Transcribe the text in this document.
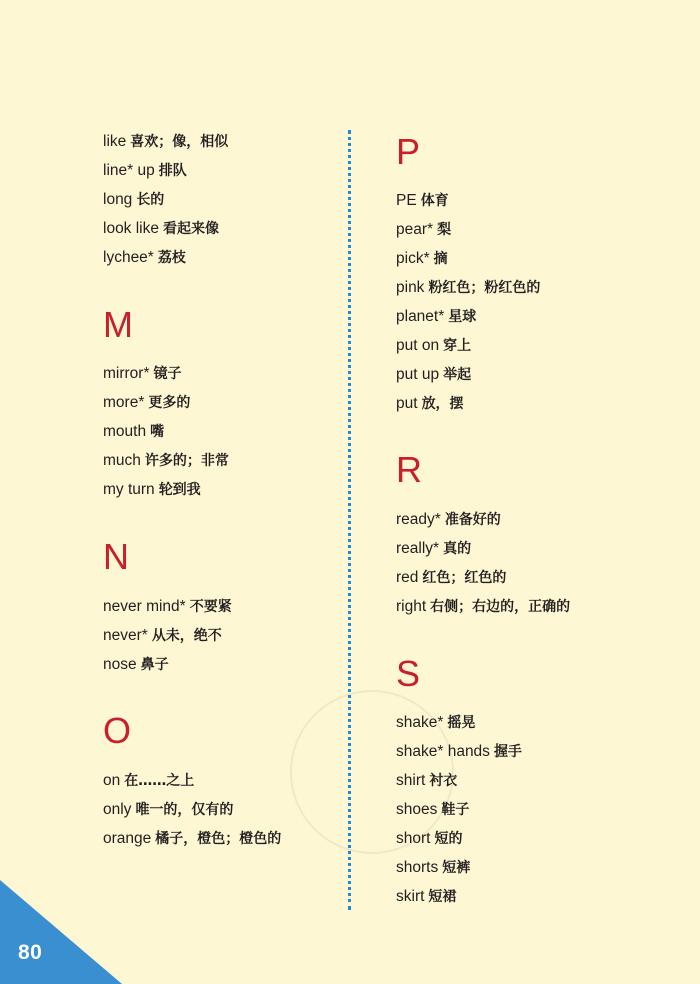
like 喜欢；像，相似
line* up 排队
long 长的
look like 看起来像
lychee* 荔枝
M
mirror* 镜子
more* 更多的
mouth 嘴
much 许多的；非常
my turn 轮到我
N
never mind* 不要紧
never* 从未，绝不
nose 鼻子
O
on 在……之上
only 唯一的，仅有的
orange 橘子，橙色；橙色的
P
PE 体育
pear* 梨
pick* 摘
pink 粉红色；粉红色的
planet* 星球
put on 穿上
put up 举起
put 放，摆
R
ready* 准备好的
really* 真的
red 红色；红色的
right 右侧；右边的，正确的
S
shake* 摇晃
shake* hands 握手
shirt 衬衣
shoes 鞋子
short 短的
shorts 短裤
skirt 短裙
80
